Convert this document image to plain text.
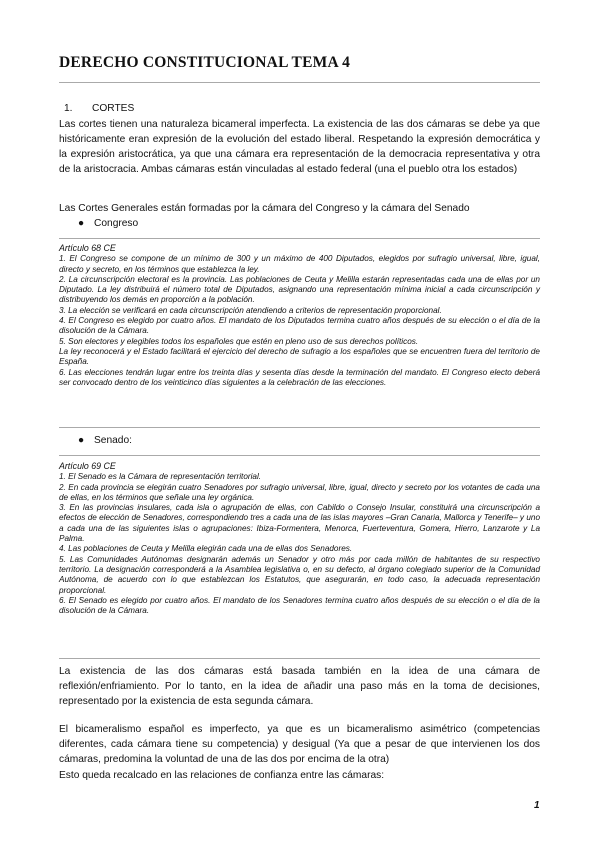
DERECHO CONSTITUCIONAL TEMA 4
1. CORTES

Las cortes tienen una naturaleza bicameral imperfecta. La existencia de las dos cámaras se debe ya que históricamente eran expresión de la evolución del estado liberal. Respetando la expresión democrática y la expresión aristocrática, ya que una cámara era representación de la democracia representativa y otra de la aristocracia. Ambas cámaras están vinculadas al estado federal (una el pueblo otra los estados)

Las Cortes Generales están formadas por la cámara del Congreso y la cámara del Senado

● Congreso

Artículo 68 CE

1. El Congreso se compone de un mínimo de 300 y un máximo de 400 Diputados, elegidos por sufragio universal, libre, igual, directo y secreto, en los términos que establezca la ley.

2. La circunscripción electoral es la provincia. Las poblaciones de Ceuta y Melilla estarán representadas cada una de ellas por un Diputado. La ley distribuirá el número total de Diputados, asignando una representación mínima inicial a cada circunscripción y distribuyendo los demás en proporción a la población.

3. La elección se verificará en cada circunscripción atendiendo a criterios de representación proporcional.

4. El Congreso es elegido por cuatro años. El mandato de los Diputados termina cuatro años después de su elección o el día de la disolución de la Cámara.

5. Son electores y elegibles todos los españoles que estén en pleno uso de sus derechos políticos.

La ley reconocerá y el Estado facilitará el ejercicio del derecho de sufragio a los españoles que se encuentren fuera del territorio de España.

6. Las elecciones tendrán lugar entre los treinta días y sesenta días desde la terminación del mandato. El Congreso electo deberá ser convocado dentro de los veinticinco días siguientes a la celebración de las elecciones.

● Senado:

Artículo 69 CE

1. El Senado es la Cámara de representación territorial.

2. En cada provincia se elegirán cuatro Senadores por sufragio universal, libre, igual, directo y secreto por los votantes de cada una de ellas, en los términos que señale una ley orgánica.

3. En las provincias insulares, cada isla o agrupación de ellas, con Cabildo o Consejo Insular, constituirá una circunscripción a efectos de elección de Senadores, correspondiendo tres a cada una de las islas mayores –Gran Canaria, Mallorca y Tenerife– y uno a cada una de las siguientes islas o agrupaciones: Ibiza-Formentera, Menorca, Fuerteventura, Gomera, Hierro, Lanzarote y La Palma.

4. Las poblaciones de Ceuta y Melilla elegirán cada una de ellas dos Senadores.

5. Las Comunidades Autónomas designarán además un Senador y otro más por cada millón de habitantes de su respectivo territorio. La designación corresponderá a la Asamblea legislativa o, en su defecto, al órgano colegiado superior de la Comunidad Autónoma, de acuerdo con lo que establezcan los Estatutos, que asegurarán, en todo caso, la adecuada representación proporcional.

6. El Senado es elegido por cuatro años. El mandato de los Senadores termina cuatro años después de su elección o el día de la disolución de la Cámara.

La existencia de las dos cámaras está basada también en la idea de una cámara de reflexión/enfriamiento. Por lo tanto, en la idea de añadir una paso más en la toma de decisiones, representado por la existencia de esta segunda cámara.

El bicameralismo español es imperfecto, ya que es un bicameralismo asimétrico (competencias diferentes, cada cámara tiene su competencia) y desigual (Ya que a pesar de que intervienen los dos cámaras, predomina la voluntad de una de las dos por encima de la otra)

Esto queda recalcado en las relaciones de confianza entre las cámaras:

1
